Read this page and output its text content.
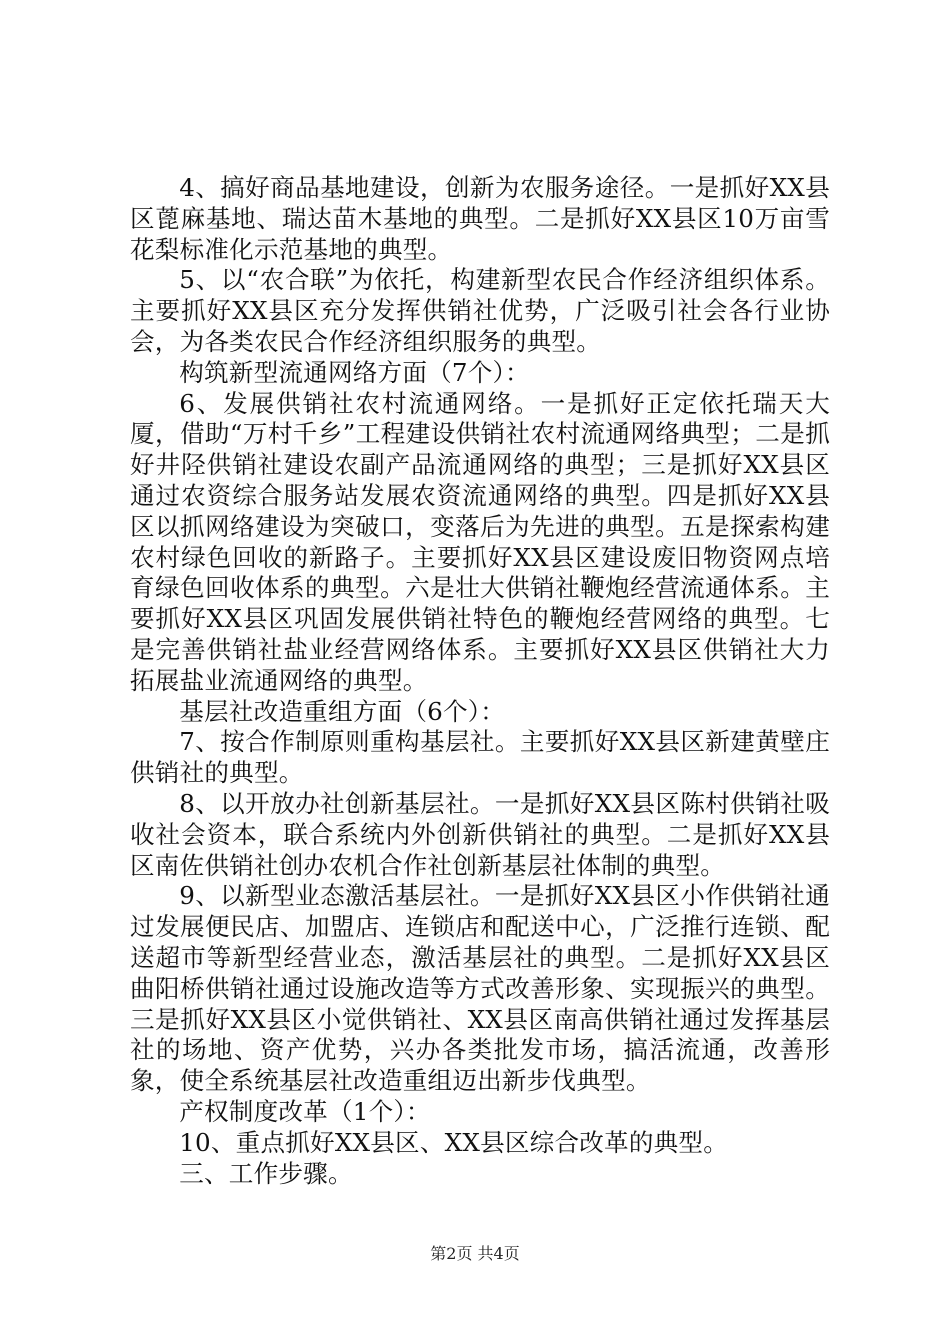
4、搞好商品基地建设，创新为农服务途径。一是抓好XX县区蓖麻基地、瑞达苗木基地的典型。二是抓好XX县区10万亩雪花梨标准化示范基地的典型。

5、以“农合联”为依托，构建新型农民合作经济组织体系。主要抓好XX县区充分发挥供销社优势，广泛吸引社会各行业协会，为各类农民合作经济组织服务的典型。

构筑新型流通网络方面（7个）：

6、发展供销社农村流通网络。一是抓好正定依托瑞天大厦，借助“万村千乡”工程建设供销社农村流通网络典型；二是抓好井陉供销社建设农副产品流通网络的典型；三是抓好XX县区通过农资综合服务站发展农资流通网络的典型。四是抓好XX县区以抓网络建设为突破口，变落后为先进的典型。五是探索构建农村绿色回收的新路子。主要抓好XX县区建设废旧物资网点培育绿色回收体系的典型。六是壮大供销社鞭炮经营流通体系。主要抓好XX县区巩固发展供销社特色的鞭炮经营网络的典型。七是完善供销社盐业经营网络体系。主要抓好XX县区供销社大力拓展盐业流通网络的典型。

基层社改造重组方面（6个）：

7、按合作制原则重构基层社。主要抓好XX县区新建黄壁庄供销社的典型。

8、以开放办社创新基层社。一是抓好XX县区陈村供销社吸收社会资本，联合系统内外创新供销社的典型。二是抓好XX县区南佐供销社创办农机合作社创新基层社体制的典型。

9、以新型业态激活基层社。一是抓好XX县区小作供销社通过发展便民店、加盟店、连锁店和配送中心，广泛推行连锁、配送超市等新型经营业态，激活基层社的典型。二是抓好XX县区曲阳桥供销社通过设施改造等方式改善形象、实现振兴的典型。三是抓好XX县区小觉供销社、XX县区南高供销社通过发挥基层社的场地、资产优势，兴办各类批发市场，搞活流通，改善形象，使全系统基层社改造重组迈出新步伐典型。

产权制度改革（1个）：

10、重点抓好XX县区、XX县区综合改革的典型。

三、工作步骤。

第2页 共4页
